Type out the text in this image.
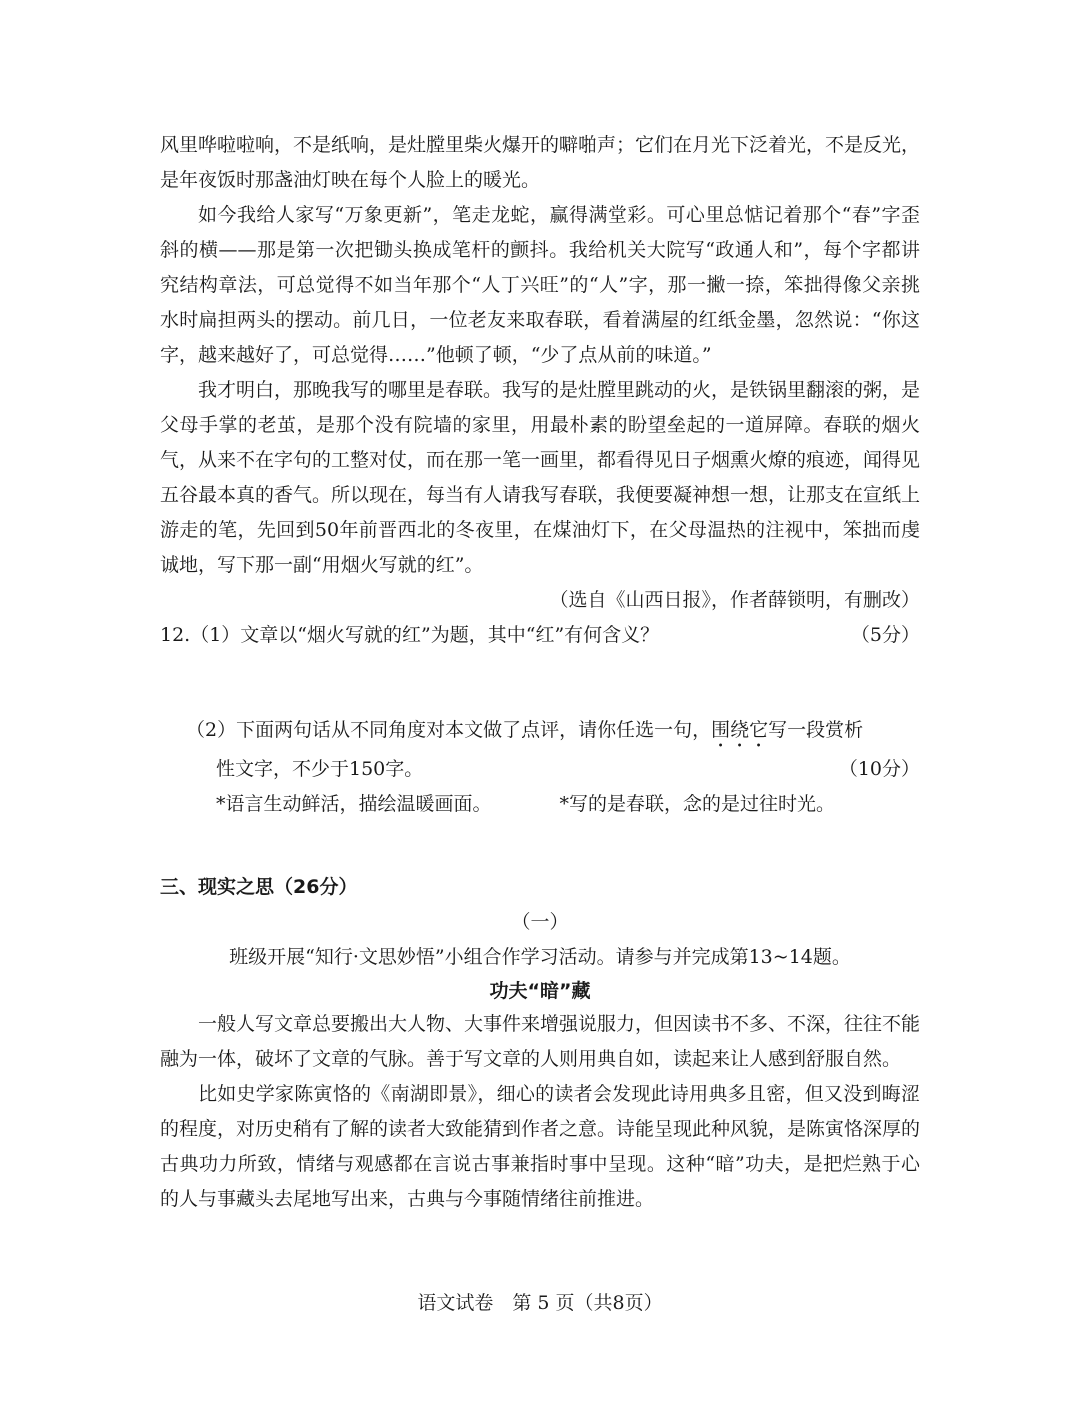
风里哗啦啦响，不是纸响，是灶膛里柴火爆开的噼啪声；它们在月光下泛着光，不是反光，是年夜饭时那盏油灯映在每个人脸上的暖光。

如今我给人家写“万象更新”，笔走龙蛇，赢得满堂彩。可心里总惦记着那个“春”字歪斜的横——那是第一次把锄头换成笔杆的颤抖。我给机关大院写“政通人和”，每个字都讲究结构章法，可总觉得不如当年那个“人丁兴旺”的“人”字，那一撇一捺，笨拙得像父亲挑水时扁担两头的摆动。前几日，一位老友来取春联，看着满屋的红纸金墨，忽然说：“你这字，越来越好了，可总觉得……”他顿了顿，“少了点从前的味道。”

我才明白，那晚我写的哪里是春联。我写的是灶膛里跳动的火，是铁锅里翻滚的粥，是父母手掌的老茧，是那个没有院墙的家里，用最朴素的盼望垒起的一道屏障。春联的烟火气，从来不在字句的工整对仗，而在那一笔一画里，都看得见日子烟熏火燎的痕迹，闻得见五谷最本真的香气。所以现在，每当有人请我写春联，我便要凝神想一想，让那支在宣纸上游走的笔，先回到50年前晋西北的冬夜里，在煤油灯下，在父母温热的注视中，笨拙而虔诚地，写下那一副“用烟火写就的红”。

（选自《山西日报》，作者薛锁明，有删改）
12.（1）文章以“烟火写就的红”为题，其中“红”有何含义？	（5分）
（2）下面两句话从不同角度对本文做了点评，请你任选一句，围绕它写一段赏析
性文字，不少于150字。	（10分）
*语言生动鲜活，描绘温暖画面。	*写的是春联，念的是过往时光。
三、现实之思（26分）
（一）
班级开展“知行·文思妙悟”小组合作学习活动。请参与并完成第13~14题。
功夫“暗”藏

一般人写文章总要搬出大人物、大事件来增强说服力，但因读书不多、不深，往往不能融为一体，破坏了文章的气脉。善于写文章的人则用典自如，读起来让人感到舒服自然。

比如史学家陈寅恪的《南湖即景》，细心的读者会发现此诗用典多且密，但又没到晦涩的程度，对历史稍有了解的读者大致能猜到作者之意。诗能呈现此种风貌，是陈寅恪深厚的古典功力所致，情绪与观感都在言说古事兼指时事中呈现。这种“暗”功夫，是把烂熟于心的人与事藏头去尾地写出来，古典与今事随情绪往前推进。

语文试卷　第 5 页（共8页）
